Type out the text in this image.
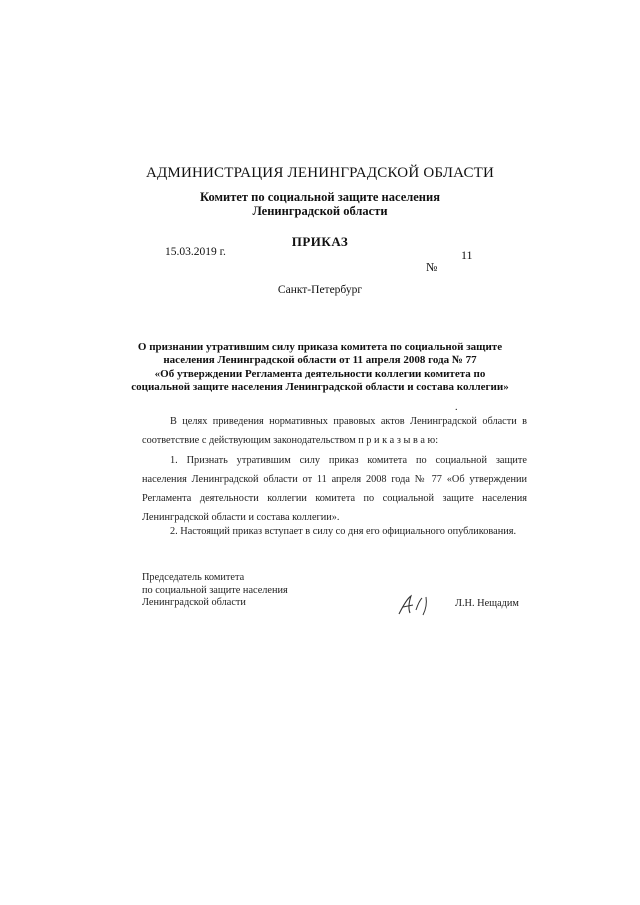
АДМИНИСТРАЦИЯ ЛЕНИНГРАДСКОЙ ОБЛАСТИ
Комитет по социальной защите населения
Ленинградской области
ПРИКАЗ
15.03.2019 г.	11
№
Санкт-Петербург
О признании утратившим силу приказа комитета по социальной защите
населения Ленинградской области от 11 апреля 2008 года № 77
«Об утверждении Регламента деятельности коллегии комитета по
социальной защите населения Ленинградской области и состава коллегии»
.

В целях приведения нормативных правовых актов Ленинградской области в

соответствие с действующим законодательством п р и к а з ы в а ю:

1. Признать утратившим силу приказ комитета по социальной защите

населения Ленинградской области от 11 апреля 2008 года № 77 «Об утверждении

Регламента деятельности коллегии комитета по социальной защите населения

Ленинградской области и состава коллегии».

2. Настоящий приказ вступает в силу со дня его официального опубликования.

Председатель комитета
по социальной защите населения
Ленинградской области	Л.Н. Нещадим
